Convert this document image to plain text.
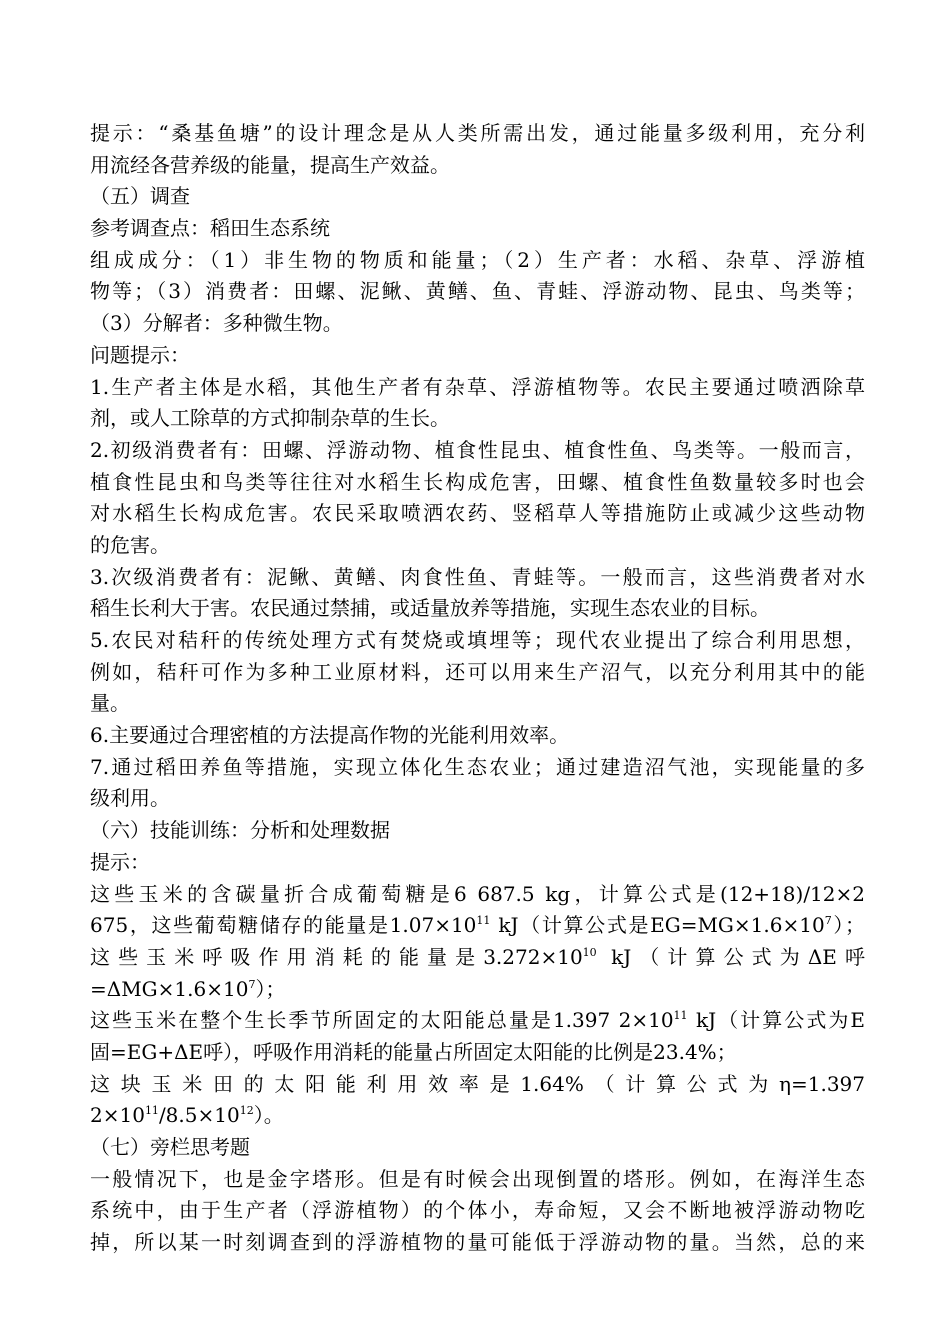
提示：“桑基鱼塘”的设计理念是从人类所需出发，通过能量多级利用，充分利
用流经各营养级的能量，提高生产效益。
（五）调查
参考调查点：稻田生态系统
组成成分：（1）非生物的物质和能量；（2）生产者：水稻、杂草、浮游植
物等；（3）消费者：田螺、泥鳅、黄鳝、鱼、青蛙、浮游动物、昆虫、鸟类等；
（3）分解者：多种微生物。
问题提示：
1.生产者主体是水稻，其他生产者有杂草、浮游植物等。农民主要通过喷洒除草
剂，或人工除草的方式抑制杂草的生长。
2.初级消费者有：田螺、浮游动物、植食性昆虫、植食性鱼、鸟类等。一般而言，
植食性昆虫和鸟类等往往对水稻生长构成危害，田螺、植食性鱼数量较多时也会
对水稻生长构成危害。农民采取喷洒农药、竖稻草人等措施防止或减少这些动物
的危害。
3.次级消费者有：泥鳅、黄鳝、肉食性鱼、青蛙等。一般而言，这些消费者对水
稻生长利大于害。农民通过禁捕，或适量放养等措施，实现生态农业的目标。
5.农民对秸秆的传统处理方式有焚烧或填埋等；现代农业提出了综合利用思想，
例如，秸秆可作为多种工业原材料，还可以用来生产沼气，以充分利用其中的能
量。
6.主要通过合理密植的方法提高作物的光能利用效率。
7.通过稻田养鱼等措施，实现立体化生态农业；通过建造沼气池，实现能量的多
级利用。
（六）技能训练：分析和处理数据
提示：
这些玉米的含碳量折合成葡萄糖是6 687.5 kg，计算公式是(12+18)/12×2
675，这些葡萄糖储存的能量是$1.07\times 10^{11}$ kJ（计算公式是$EG=MG\times 1.6\times 10^7$）；
这些玉米呼吸作用消耗的能量是$3.272\times 10^{10}$ kJ（计算公式为ΔE呼
$=\Delta MG\times 1.6\times 10^7$）；
这些玉米在整个生长季节所固定的太阳能总量是1.397 $2\times 10^{11}$ kJ（计算公式为E
固=EG+ΔE呼），呼吸作用消耗的能量占所固定太阳能的比例是23.4%；
这块玉米田的太阳能利用效率是1.64%（计算公式为η=1.397
$2\times 10^{11}/8.5\times 10^{12}$）。
（七）旁栏思考题
一般情况下，也是金字塔形。但是有时候会出现倒置的塔形。例如，在海洋生态
系统中，由于生产者（浮游植物）的个体小，寿命短，又会不断地被浮游动物吃
掉，所以某一时刻调查到的浮游植物的量可能低于浮游动物的量。当然，总的来
